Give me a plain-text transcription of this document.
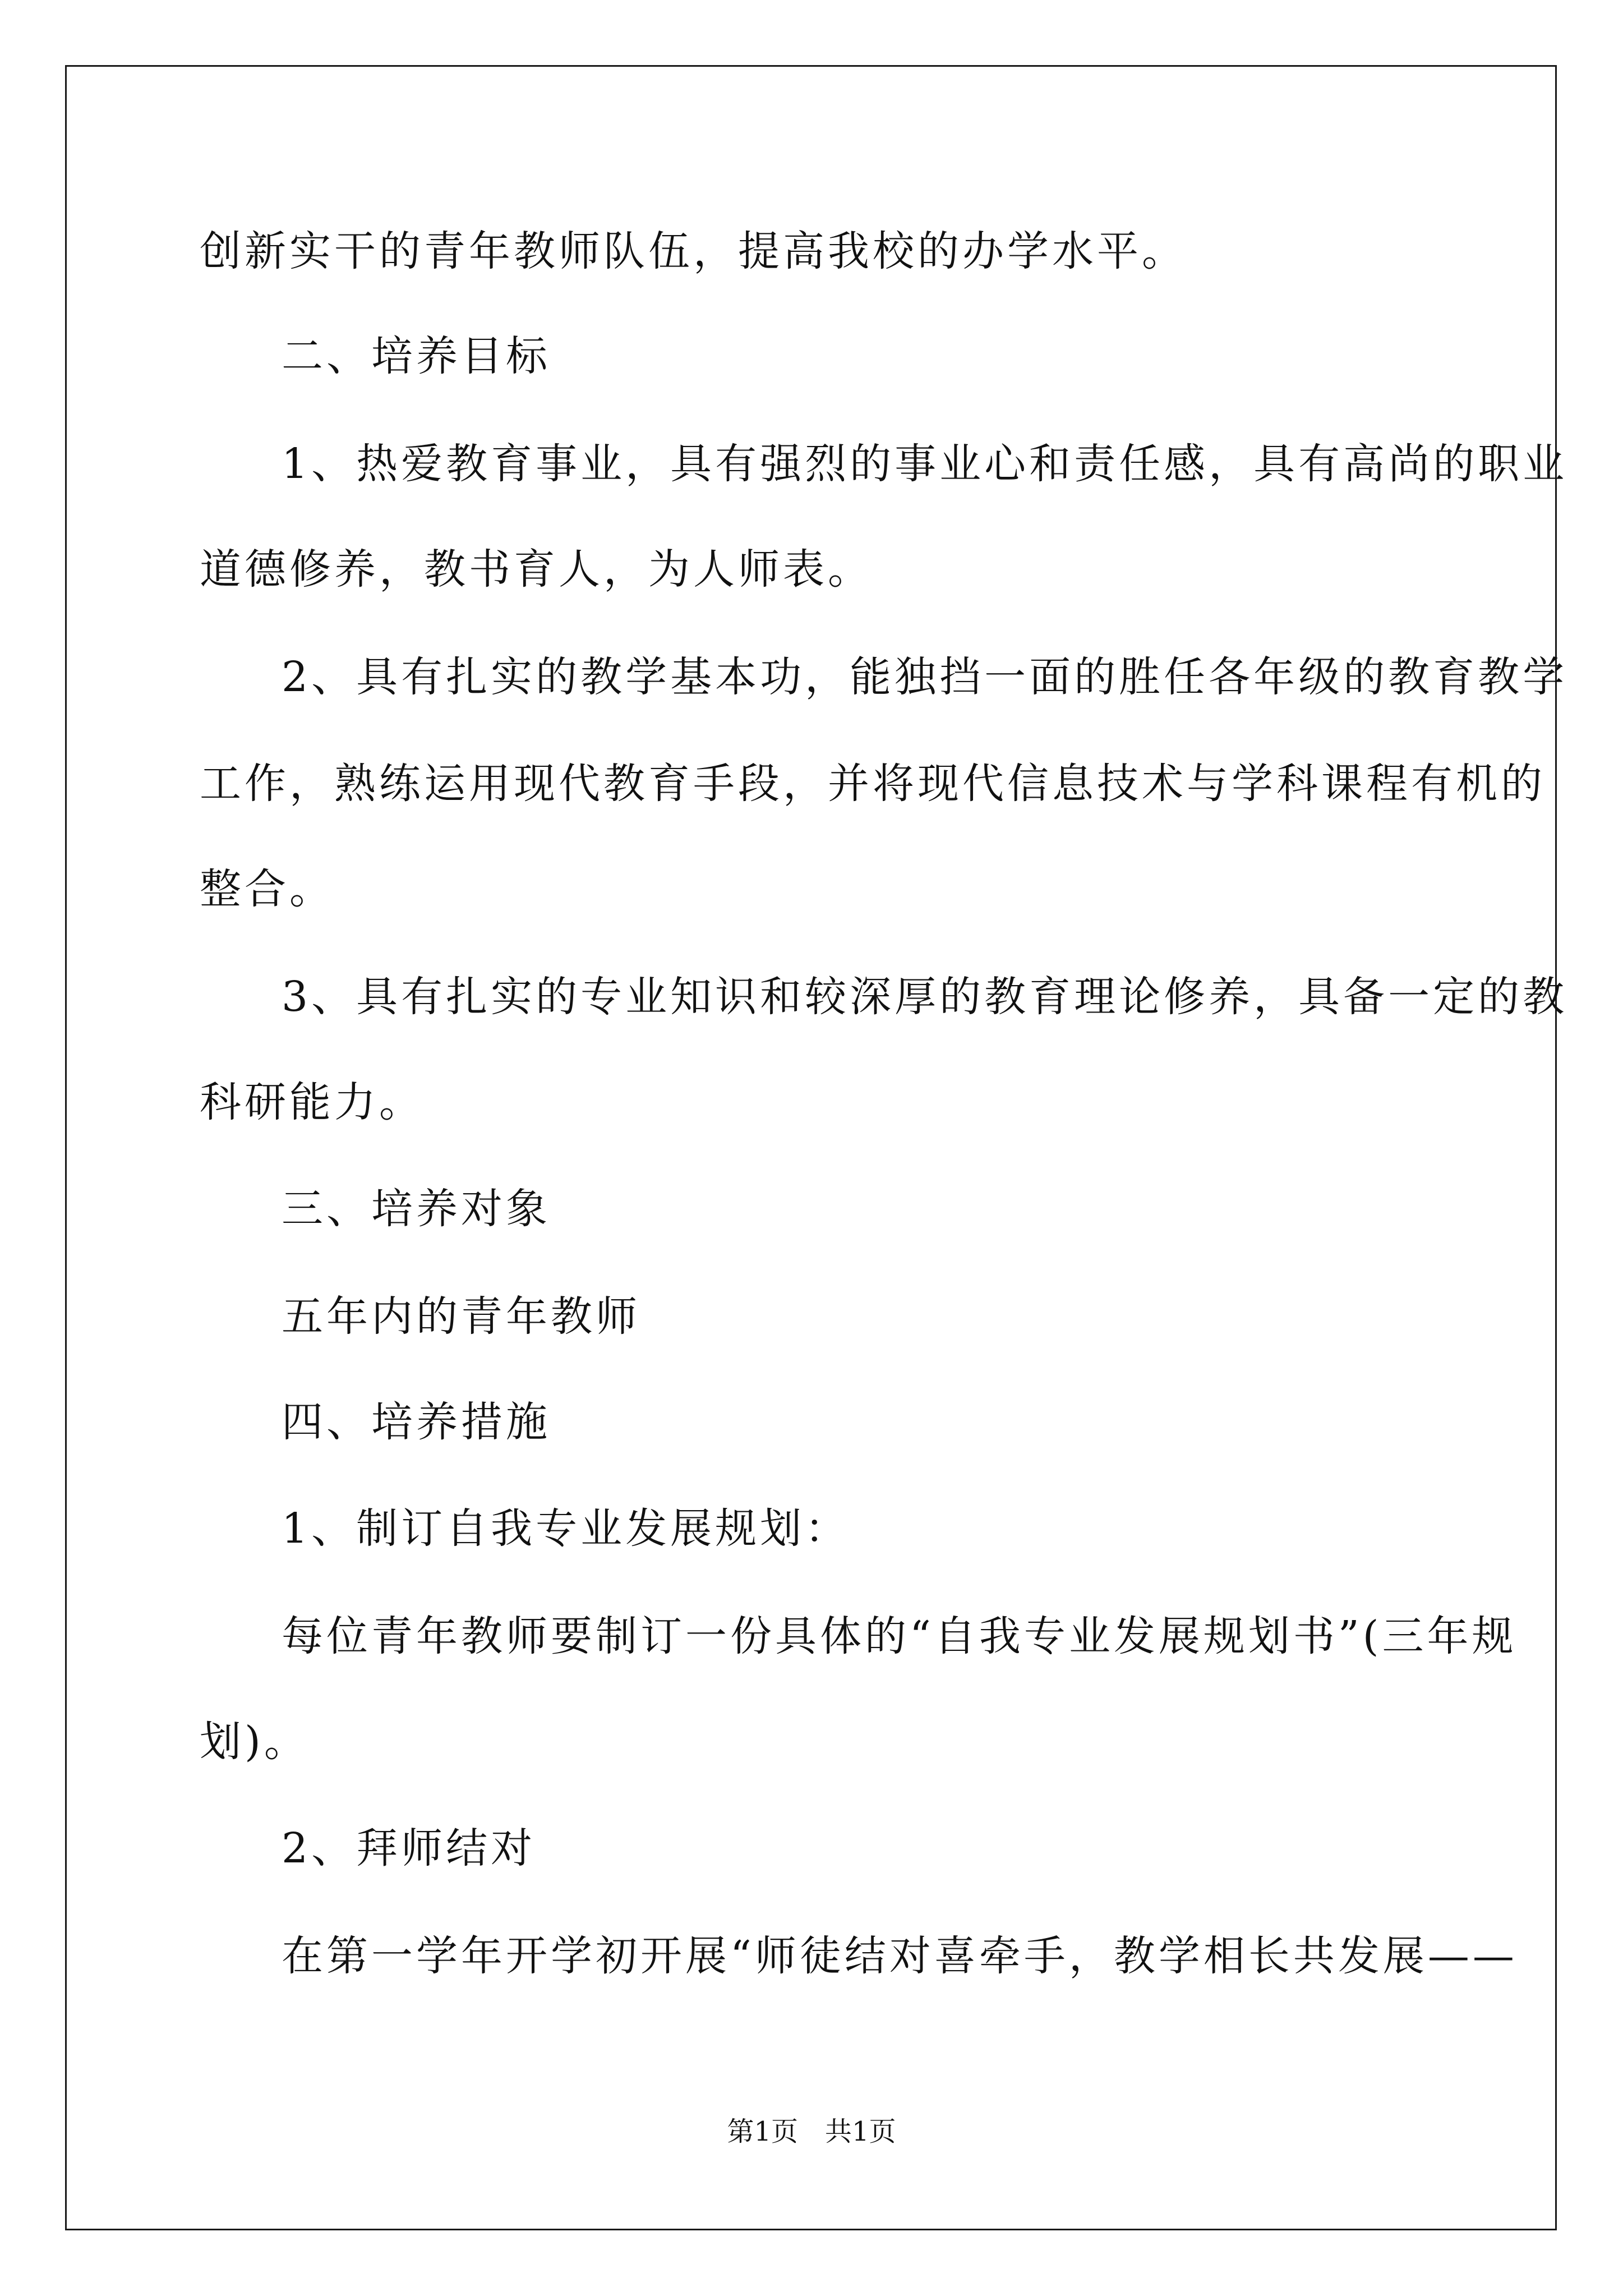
创新实干的青年教师队伍，提高我校的办学水平。

二、培养目标

1、热爱教育事业，具有强烈的事业心和责任感，具有高尚的职业

道德修养，教书育人，为人师表。

2、具有扎实的教学基本功，能独挡一面的胜任各年级的教育教学

工作，熟练运用现代教育手段，并将现代信息技术与学科课程有机的

整合。

3、具有扎实的专业知识和较深厚的教育理论修养，具备一定的教

科研能力。

三、培养对象

五年内的青年教师

四、培养措施

1、制订自我专业发展规划：

每位青年教师要制订一份具体的“自我专业发展规划书”(三年规

划)。

2、拜师结对

在第一学年开学初开展“师徒结对喜牵手，教学相长共发展——

第1页　共1页
